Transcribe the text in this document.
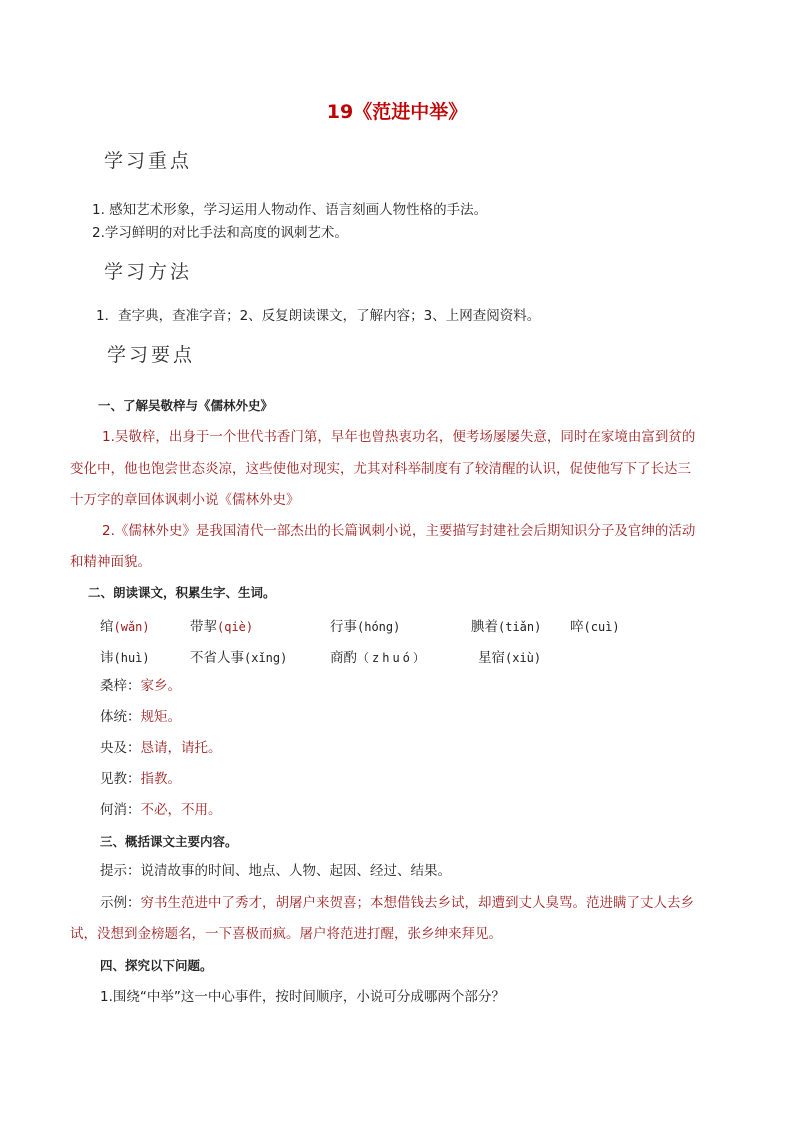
19《范进中举》
学习重点
1. 感知艺术形象，学习运用人物动作、语言刻画人物性格的手法。
2.学习鲜明的对比手法和高度的讽刺艺术。
学习方法
1．查字典，查准字音；2、反复朗读课文，了解内容；3、上网查阅资料。
学习要点
一、了解吴敬梓与《儒林外史》
1.吴敬梓，出身于一个世代书香门第，早年也曾热衷功名，便考场屡屡失意，同时在家境由富到贫的
变化中，他也饱尝世态炎凉，这些使他对现实，尤其对科举制度有了较清醒的认识，促使他写下了长达三
十万字的章回体讽刺小说《儒林外史》
2.《儒林外史》是我国清代一部杰出的长篇讽刺小说，主要描写封建社会后期知识分子及官绅的活动
和精神面貌。
二、朗读课文，积累生字、生词。
绾(wǎn)	带挈(qiè)	行事(hóng)	腆着(tiǎn) 啐(cuì)
讳(huì)	不省人事(xǐng)	商酌（zhuó）	星宿(xiù)
桑梓：家乡。
体统：规矩。
央及：恳请，请托。
见教：指教。
何消：不必，不用。
三、概括课文主要内容。
提示：说清故事的时间、地点、人物、起因、经过、结果。
示例：穷书生范进中了秀才，胡屠户来贺喜；本想借钱去乡试，却遭到丈人臭骂。范进瞒了丈人去乡
试，没想到金榜题名，一下喜极而疯。屠户将范进打醒，张乡绅来拜见。
四、探究以下问题。
1.围绕“中举”这一中心事件，按时间顺序，小说可分成哪两个部分？
